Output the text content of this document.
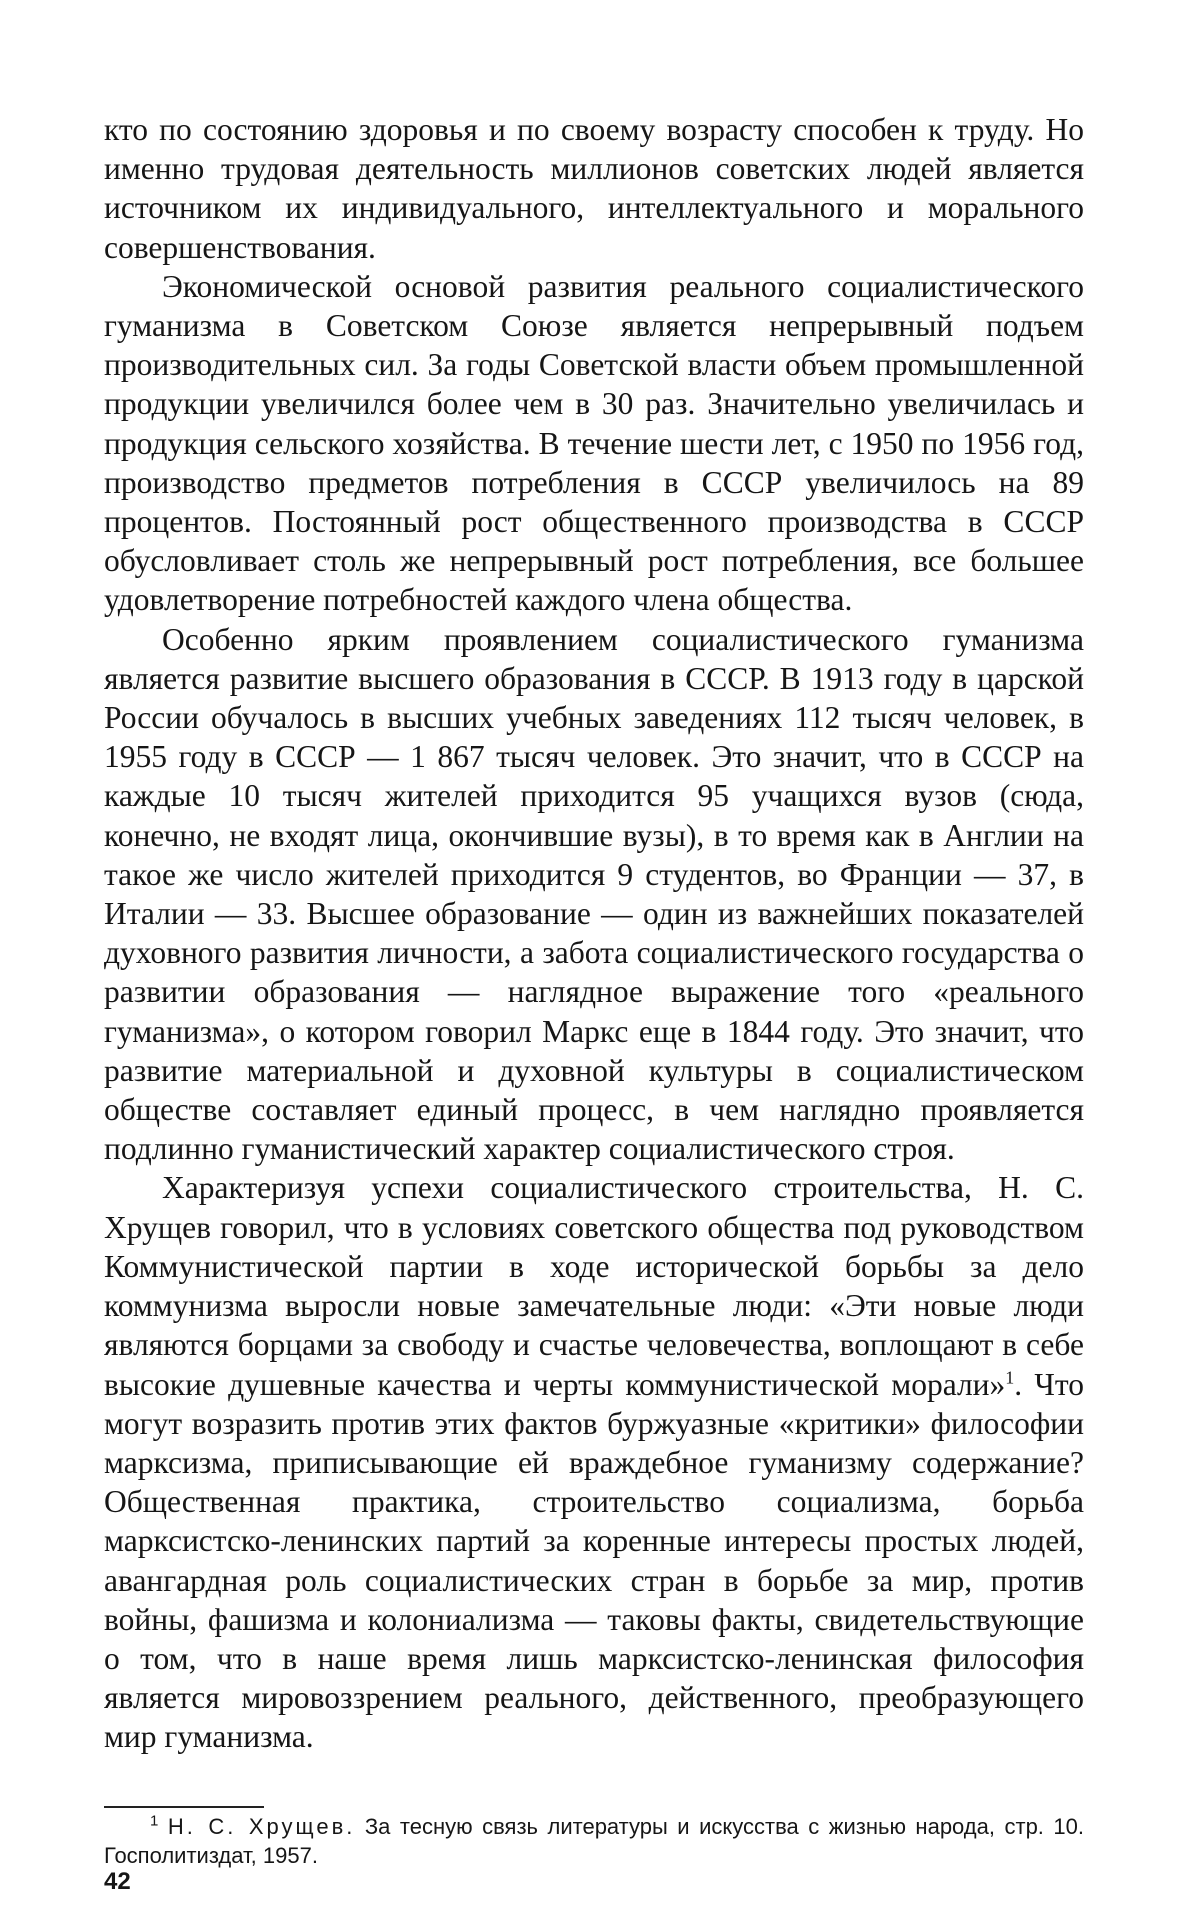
кто по состоянию здоровья и по своему возрасту способен к труду. Но именно трудовая деятельность миллионов советских людей является источником их индивидуального, интеллектуального и морального совершенствования.

Экономической основой развития реального социалистического гуманизма в Советском Союзе является непрерывный подъем производительных сил. За годы Советской власти объем промышленной продукции увеличился более чем в 30 раз. Значительно увеличилась и продукция сельского хозяйства. В течение шести лет, с 1950 по 1956 год, производство предметов потребления в СССР увеличилось на 89 процентов. Постоянный рост общественного производства в СССР обусловливает столь же непрерывный рост потребления, все большее удовлетворение потребностей каждого члена общества.

Особенно ярким проявлением социалистического гуманизма является развитие высшего образования в СССР. В 1913 году в царской России обучалось в высших учебных заведениях 112 тысяч человек, в 1955 году в СССР — 1 867 тысяч человек. Это значит, что в СССР на каждые 10 тысяч жителей приходится 95 учащихся вузов (сюда, конечно, не входят лица, окончившие вузы), в то время как в Англии на такое же число жителей приходится 9 студентов, во Франции — 37, в Италии — 33. Высшее образование — один из важнейших показателей духовного развития личности, а забота социалистического государства о развитии образования — наглядное выражение того «реального гуманизма», о котором говорил Маркс еще в 1844 году. Это значит, что развитие материальной и духовной культуры в социалистическом обществе составляет единый процесс, в чем наглядно проявляется подлинно гуманистический характер социалистического строя.

Характеризуя успехи социалистического строительства, Н. С. Хрущев говорил, что в условиях советского общества под руководством Коммунистической партии в ходе исторической борьбы за дело коммунизма выросли новые замечательные люди: «Эти новые люди являются борцами за свободу и счастье человечества, воплощают в себе высокие душевные качества и черты коммунистической морали»$^1$. Что могут возразить против этих фактов буржуазные «критики» философии марксизма, приписывающие ей враждебное гуманизму содержание? Общественная практика, строительство социализма, борьба марксистско-ленинских партий за коренные интересы простых людей, авангардная роль социалистических стран в борьбе за мир, против войны, фашизма и колониализма — таковы факты, свидетельствующие о том, что в наше время лишь марксистско-ленинская философия является мировоззрением реального, действенного, преобразующего мир гуманизма.

$^1$ Н. С. Хрущев. За тесную связь литературы и искусства с жизнью народа, стр. 10. Госполитиздат, 1957.
42
